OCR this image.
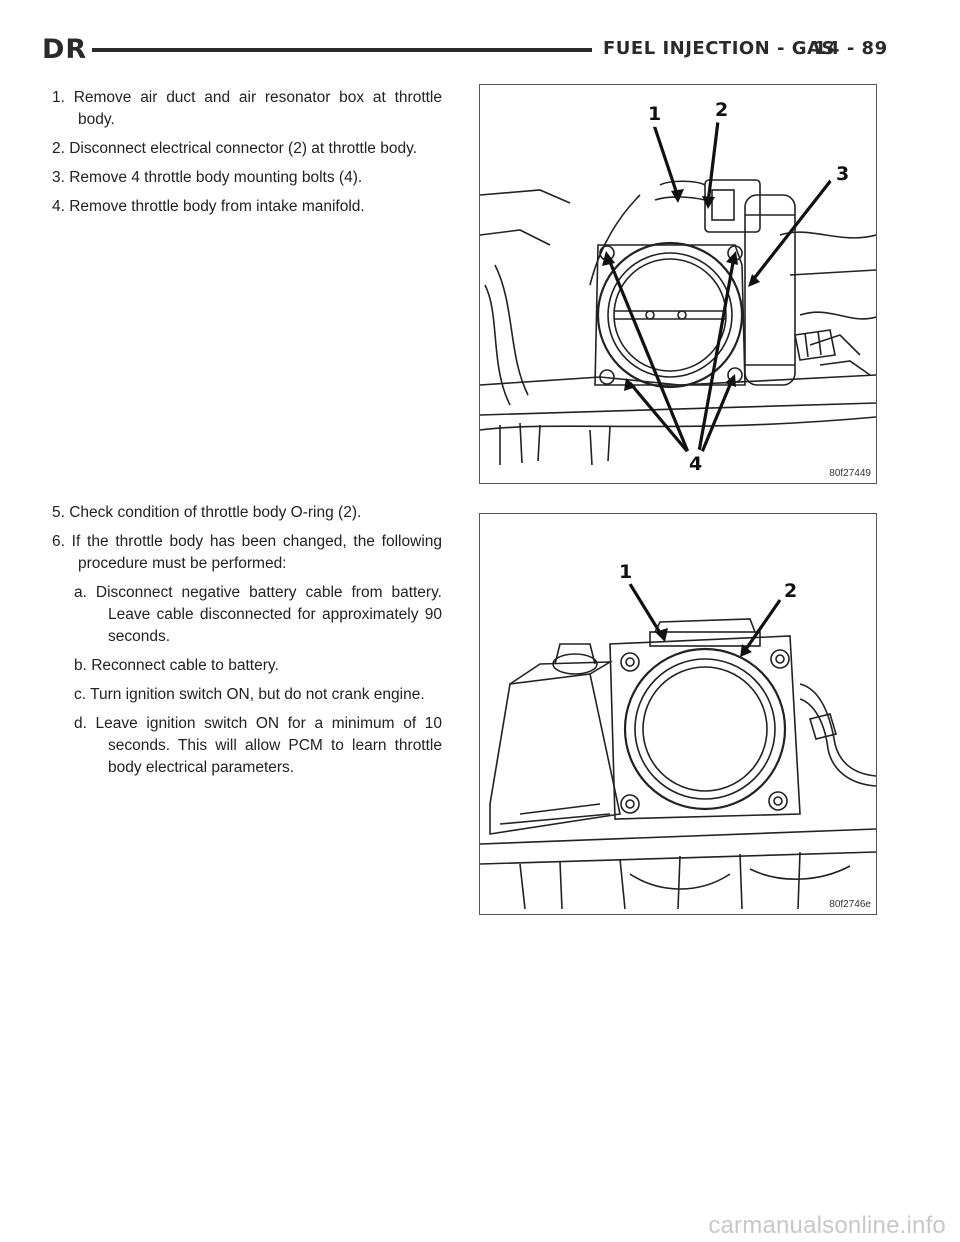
DR	FUEL INJECTION - GAS
14 - 89

1. Remove air duct and air resonator box at throttle body.

2. Disconnect electrical connector (2) at throttle body.

3. Remove 4 throttle body mounting bolts (4).

4. Remove throttle body from intake manifold.

5. Check condition of throttle body O-ring (2).

6. If the throttle body has been changed, the following procedure must be performed:

a. Disconnect negative battery cable from battery. Leave cable disconnected for approximately 90 seconds.

b. Reconnect cable to battery.

c. Turn ignition switch ON, but do not crank engine.

d. Leave ignition switch ON for a minimum of 10 seconds. This will allow PCM to learn throttle body electrical parameters.

1	2
3
4	80f27449
1
2
80f2746e
carmanualsonline.info
